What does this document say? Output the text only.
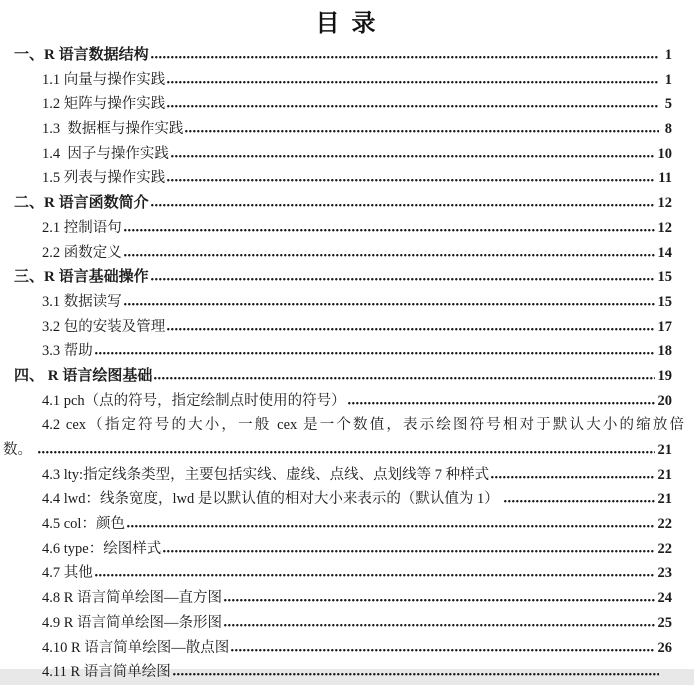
目 录
一、R 语言数据结构	1
1.1 向量与操作实践	1
1.2 矩阵与操作实践	5
1.3  数据框与操作实践	8
1.4  因子与操作实践	10
1.5 列表与操作实践	11
二、R 语言函数简介	12
2.1 控制语句	12
2.2 函数定义	14
三、R 语言基础操作	15
3.1 数据读写	15
3.2 包的安装及管理	17
3.3 帮助	18
四、 R 语言绘图基础	19
4.1 pch（点的符号，指定绘制点时使用的符号）	20
4.2 cex（指定符号的大小，一般 cex 是一个数值，表示绘图符号相对于默认大小的缩放倍
数。	21
4.3 lty:指定线条类型，主要包括实线、虚线、点线、点划线等 7 种样式	21
4.4 lwd：线条宽度，lwd 是以默认值的相对大小来表示的（默认值为 1）	21
4.5 col：颜色	22
4.6 type：绘图样式	22
4.7 其他	23
4.8 R 语言简单绘图—直方图	24
4.9 R 语言简单绘图—条形图	25
4.10 R 语言简单绘图—散点图	26
4.11 R 语言简单绘图
